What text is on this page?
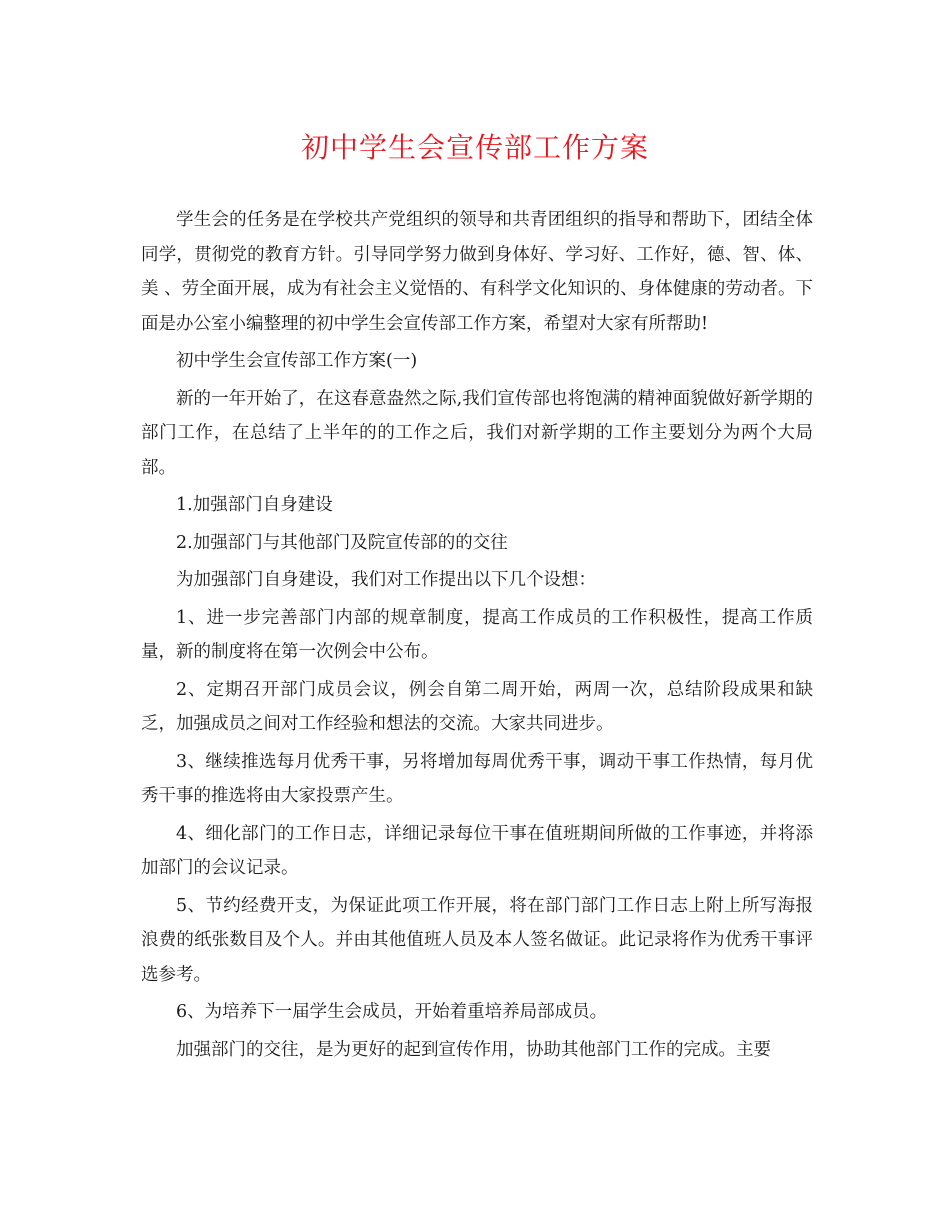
初中学生会宣传部工作方案

学生会的任务是在学校共产党组织的领导和共青团组织的指导和帮助下，团结全体同学，贯彻党的教育方针。引导同学努力做到身体好、学习好、工作好，德、智、体、美 、劳全面开展，成为有社会主义觉悟的、有科学文化知识的、身体健康的劳动者。下面是办公室小编整理的初中学生会宣传部工作方案，希望对大家有所帮助!

初中学生会宣传部工作方案(一)

新的一年开始了，在这春意盎然之际,我们宣传部也将饱满的精神面貌做好新学期的部门工作，在总结了上半年的的工作之后，我们对新学期的工作主要划分为两个大局部。

1.加强部门自身建设

2.加强部门与其他部门及院宣传部的的交往

为加强部门自身建设，我们对工作提出以下几个设想：

1、进一步完善部门内部的规章制度，提高工作成员的工作积极性，提高工作质量，新的制度将在第一次例会中公布。

2、定期召开部门成员会议，例会自第二周开始，两周一次，总结阶段成果和缺乏，加强成员之间对工作经验和想法的交流。大家共同进步。

3、继续推选每月优秀干事，另将增加每周优秀干事，调动干事工作热情，每月优秀干事的推选将由大家投票产生。

4、细化部门的工作日志，详细记录每位干事在值班期间所做的工作事迹，并将添加部门的会议记录。

5、节约经费开支，为保证此项工作开展，将在部门部门工作日志上附上所写海报浪费的纸张数目及个人。并由其他值班人员及本人签名做证。此记录将作为优秀干事评选参考。

6、为培养下一届学生会成员，开始着重培养局部成员。

加强部门的交往，是为更好的起到宣传作用，协助其他部门工作的完成。主要
